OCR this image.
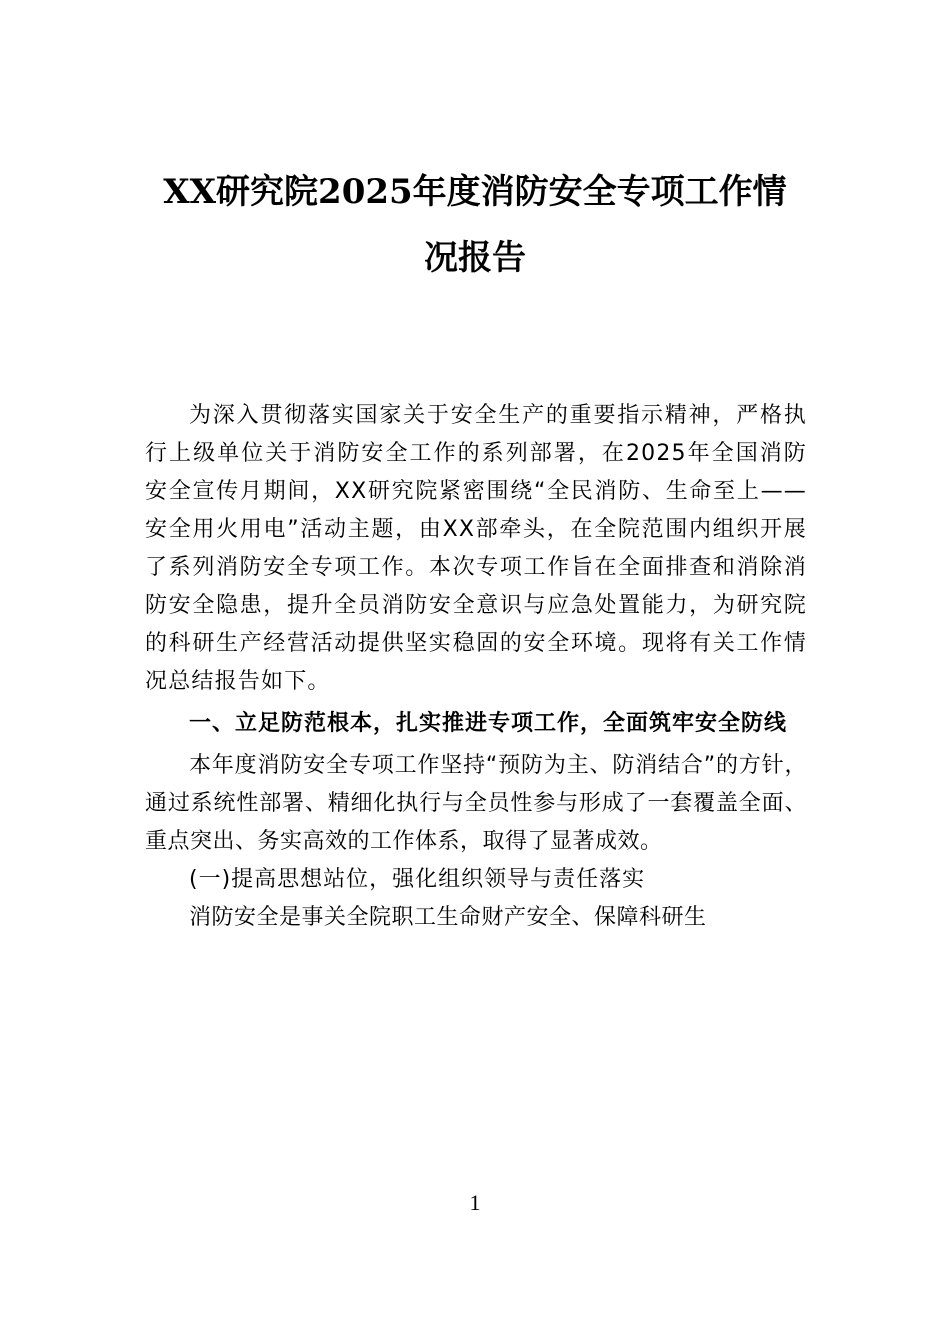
XX研究院2025年度消防安全专项工作情
况报告

为深入贯彻落实国家关于安全生产的重要指示精神，严格执行上级单位关于消防安全工作的系列部署，在2025年全国消防安全宣传月期间，XX研究院紧密围绕“全民消防、生命至上——安全用火用电”活动主题，由XX部牵头，在全院范围内组织开展了系列消防安全专项工作。本次专项工作旨在全面排查和消除消防安全隐患，提升全员消防安全意识与应急处置能力，为研究院的科研生产经营活动提供坚实稳固的安全环境。现将有关工作情况总结报告如下。

一、立足防范根本，扎实推进专项工作，全面筑牢安全防线

本年度消防安全专项工作坚持“预防为主、防消结合”的方针，通过系统性部署、精细化执行与全员性参与形成了一套覆盖全面、重点突出、务实高效的工作体系，取得了显著成效。

(一)提高思想站位，强化组织领导与责任落实

消防安全是事关全院职工生命财产安全、保障科研生

1
